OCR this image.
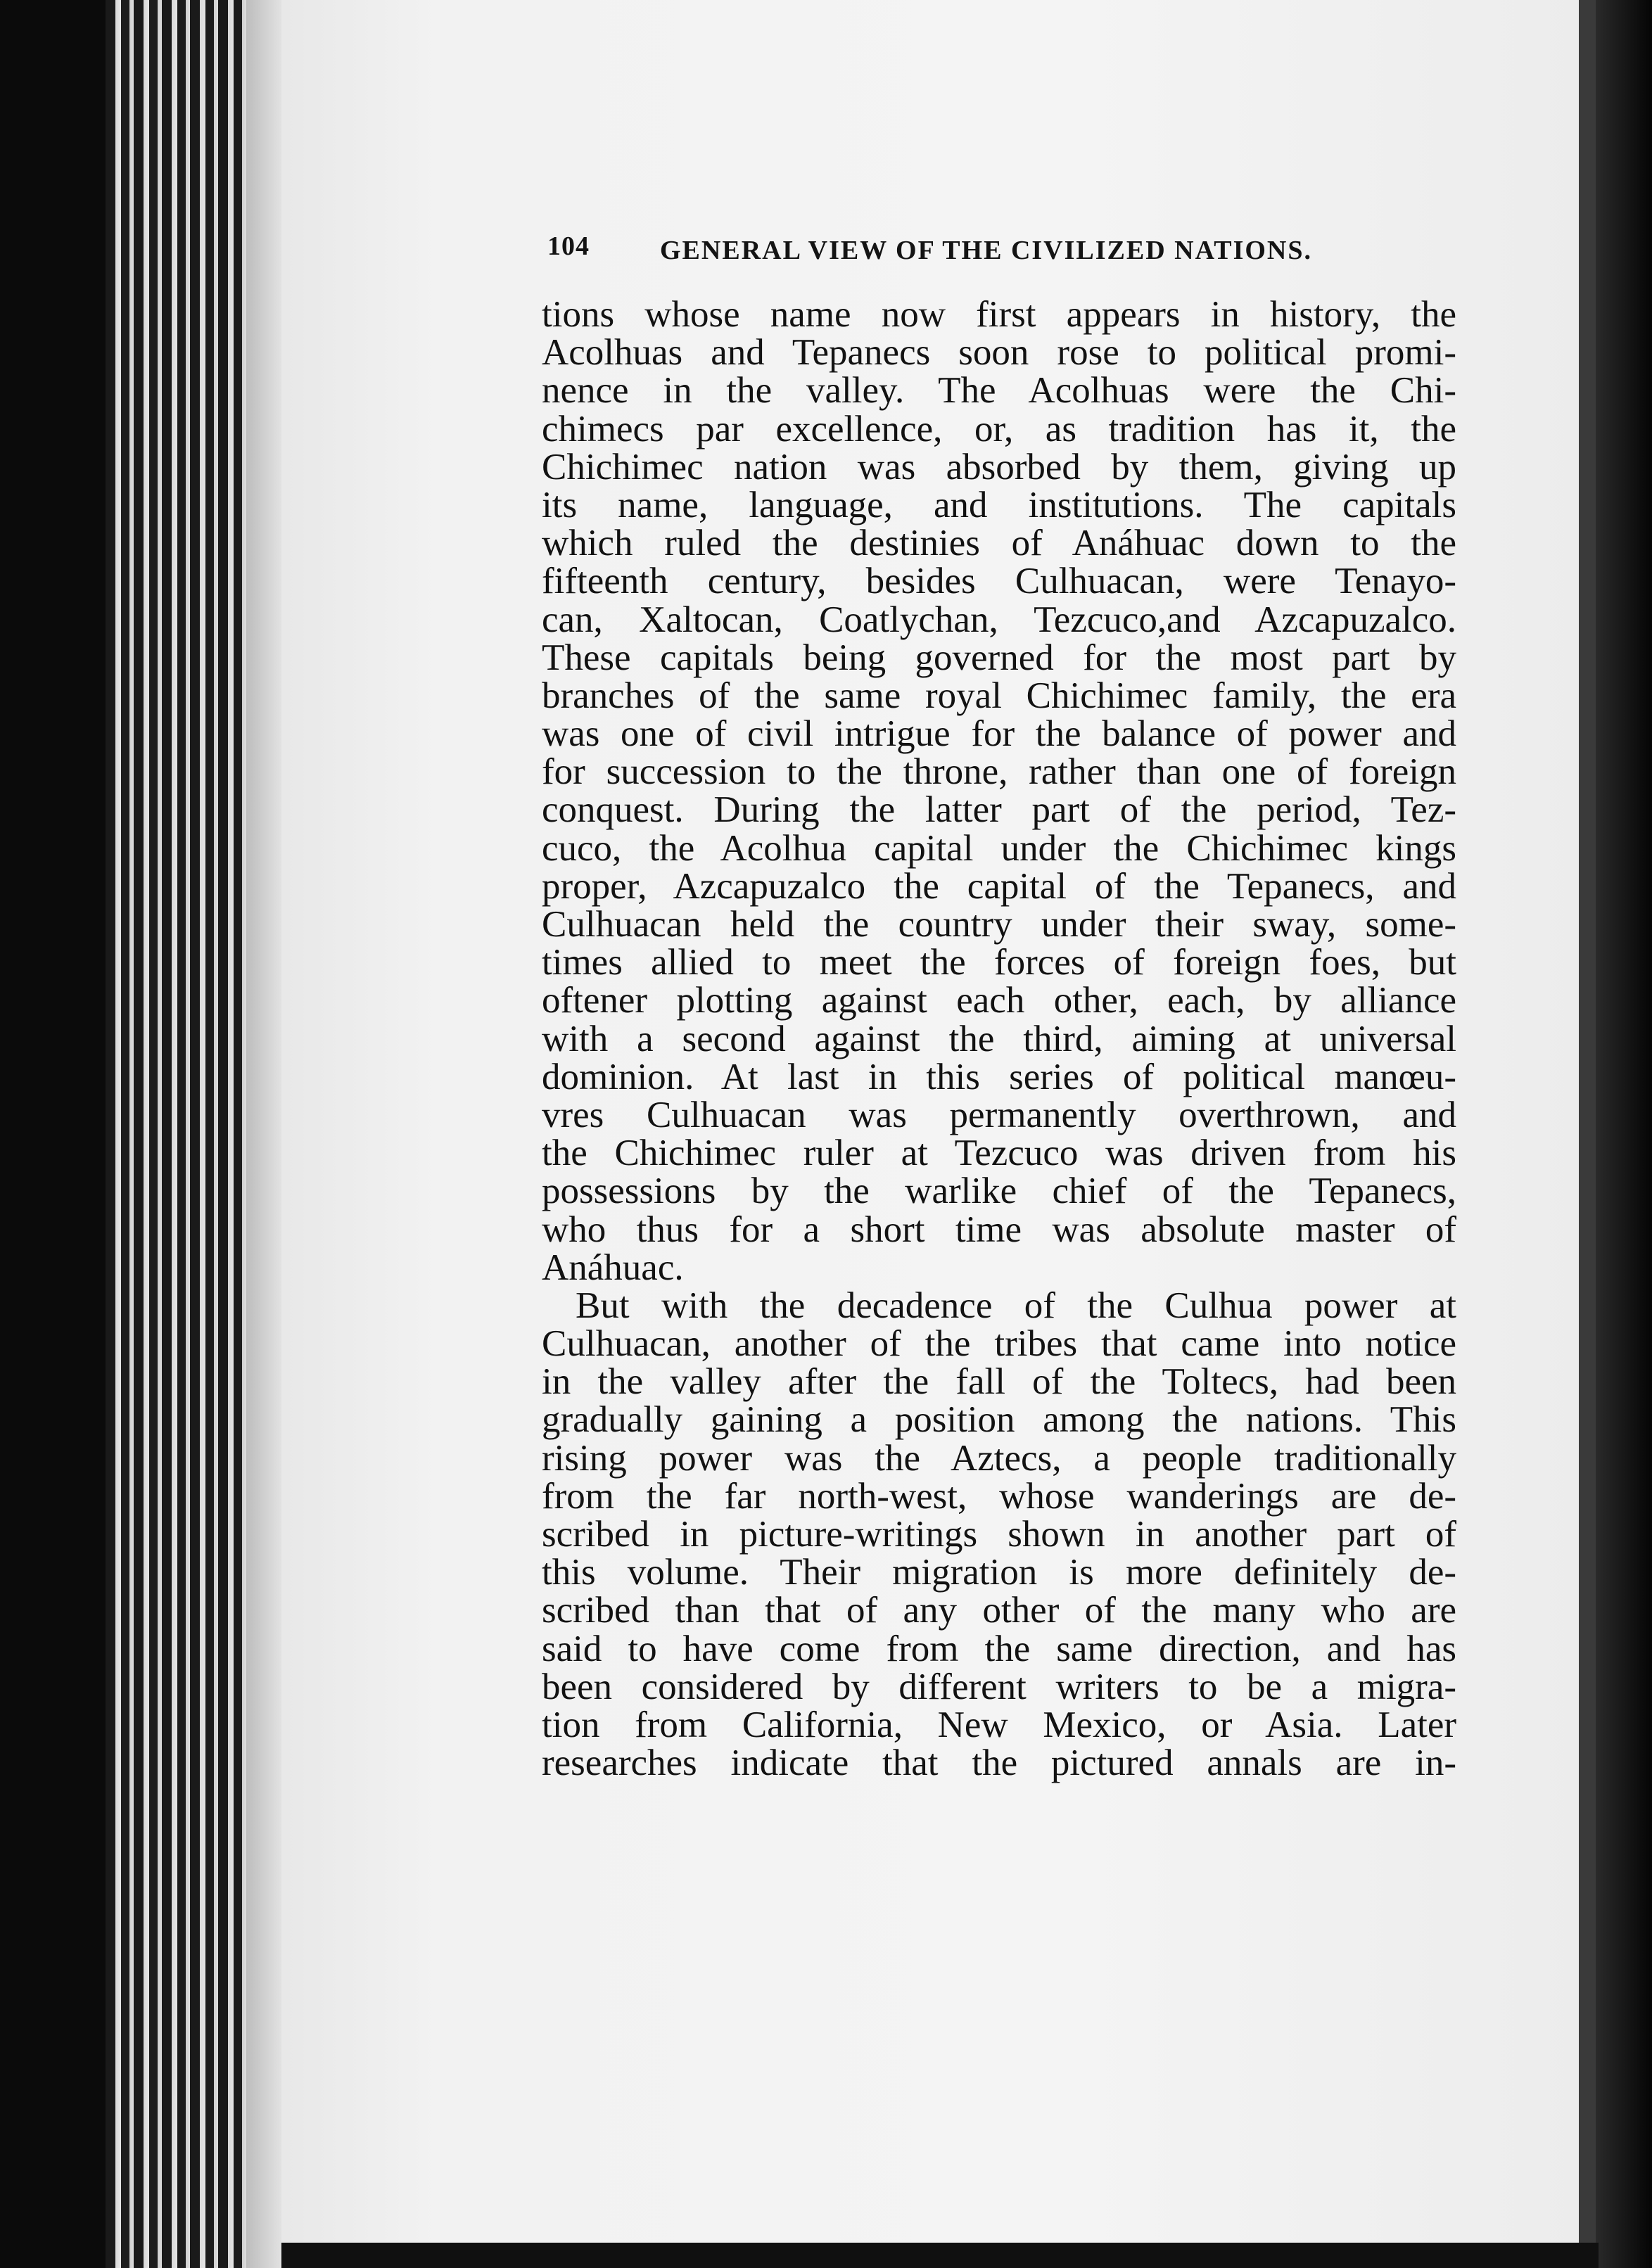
104	GENERAL VIEW OF THE CIVILIZED NATIONS.
tions whose name now first appears in history, the
Acolhuas and Tepanecs soon rose to political promi-
nence in the valley. The Acolhuas were the Chi-
chimecs par excellence, or, as tradition has it, the
Chichimec nation was absorbed by them, giving up
its name, language, and institutions. The capitals
which ruled the destinies of Anáhuac down to the
fifteenth century, besides Culhuacan, were Tenayo-
can, Xaltocan, Coatlychan, Tezcuco,and Azcapuzalco.
These capitals being governed for the most part by
branches of the same royal Chichimec family, the era
was one of civil intrigue for the balance of power and
for succession to the throne, rather than one of foreign
conquest. During the latter part of the period, Tez-
cuco, the Acolhua capital under the Chichimec kings
proper, Azcapuzalco the capital of the Tepanecs, and
Culhuacan held the country under their sway, some-
times allied to meet the forces of foreign foes, but
oftener plotting against each other, each, by alliance
with a second against the third, aiming at universal
dominion. At last in this series of political manœu-
vres Culhuacan was permanently overthrown, and
the Chichimec ruler at Tezcuco was driven from his
possessions by the warlike chief of the Tepanecs,
who thus for a short time was absolute master of
Anáhuac.
But with the decadence of the Culhua power at
Culhuacan, another of the tribes that came into notice
in the valley after the fall of the Toltecs, had been
gradually gaining a position among the nations. This
rising power was the Aztecs, a people traditionally
from the far north-west, whose wanderings are de-
scribed in picture-writings shown in another part of
this volume. Their migration is more definitely de-
scribed than that of any other of the many who are
said to have come from the same direction, and has
been considered by different writers to be a migra-
tion from California, New Mexico, or Asia. Later
researches indicate that the pictured annals are in-
